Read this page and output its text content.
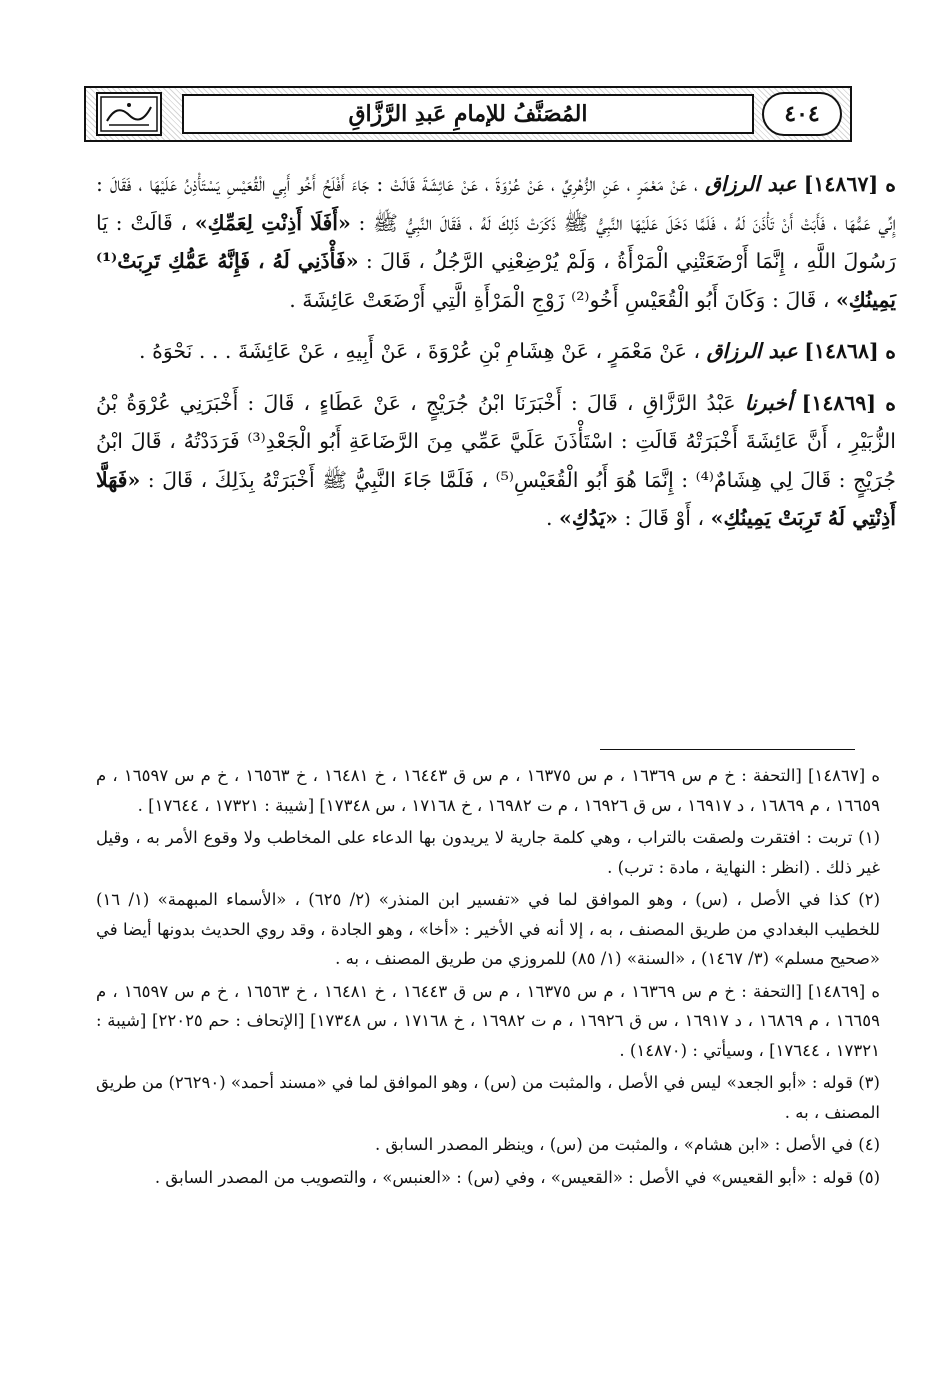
٤٠٤
المُصَنَّفُ للإمامِ عَبدِ الرَّزَّاقِ

ه [١٤٨٦٧] عبد الرزاق ، عَنْ مَعْمَرٍ ، عَنِ الزُّهْرِيِّ ، عَنْ عُرْوَةَ ، عَنْ عَائِشَةَ قَالَتْ : جَاءَ أَفْلَحُ أَخُو أَبِي الْقُعَيْسِ يَسْتَأْذِنُ عَلَيْهَا ، فَقَالَ : إِنِّي عَمُّهَا ، فَأَبَتْ أَنْ تَأْذَنَ لَهُ ، فَلَمَّا دَخَلَ عَلَيْهَا النَّبِيُّ ﷺ ذَكَرَتْ ذَلِكَ لَهُ ، فَقَالَ النَّبِيُّ ﷺ : «أَفَلَا أَذِنْتِ لِعَمِّكِ» ، قَالَتْ : يَا رَسُولَ اللَّهِ ، إِنَّمَا أَرْضَعَتْنِي الْمَرْأَةُ ، وَلَمْ يُرْضِعْنِي الرَّجُلُ ، قَالَ : «فَأْذَنِي لَهُ ، فَإِنَّهُ عَمُّكِ تَرِبَتْ⁽¹⁾ يَمِينُكِ» ، قَالَ : وَكَانَ أَبُو الْقُعَيْسِ أَخُو⁽²⁾ زَوْجِ الْمَرْأَةِ الَّتِي أَرْضَعَتْ عَائِشَةَ .

ه [١٤٨٦٨] عبد الرزاق ، عَنْ مَعْمَرٍ ، عَنْ هِشَامِ بْنِ عُرْوَةَ ، عَنْ أَبِيهِ ، عَنْ عَائِشَةَ . . . نَحْوَهُ .

ه [١٤٨٦٩] أخبرنا عَبْدُ الرَّزَّاقِ ، قَالَ : أَخْبَرَنَا ابْنُ جُرَيْجٍ ، عَنْ عَطَاءٍ ، قَالَ : أَخْبَرَنِي عُرْوَةُ بْنُ الزُّبَيْرِ ، أَنَّ عَائِشَةَ أَخْبَرَتْهُ قَالَتِ : اسْتَأْذَنَ عَلَيَّ عَمِّي مِنَ الرَّضَاعَةِ أَبُو الْجَعْدِ⁽³⁾ فَرَدَدْتُهُ ، قَالَ ابْنُ جُرَيْجٍ : قَالَ لِي هِشَامٌ⁽⁴⁾ : إِنَّمَا هُوَ أَبُو الْقُعَيْسِ⁽⁵⁾ ، فَلَمَّا جَاءَ النَّبِيُّ ﷺ أَخْبَرَتْهُ بِذَلِكَ ، قَالَ : «فَهَلَّا أَذِنْتِي لَهُ تَرِبَتْ يَمِينُكِ» ، أَوْ قَالَ : «يَدُكِ» .

ه [١٤٨٦٧] [التحفة : خ م س ١٦٣٦٩ ، م س ١٦٣٧٥ ، م س ق ١٦٤٤٣ ، خ ١٦٤٨١ ، خ ١٦٥٦٣ ، خ م س ١٦٥٩٧ ، م ١٦٦٥٩ ، م ١٦٨٦٩ ، د ١٦٩١٧ ، س ق ١٦٩٢٦ ، م ت ١٦٩٨٢ ، خ ١٧١٦٨ ، س ١٧٣٤٨] [شيبة : ١٧٣٢١ ، ١٧٦٤٤] .

(١) تربت : افتقرت ولصقت بالتراب ، وهي كلمة جارية لا يريدون بها الدعاء على المخاطب ولا وقوع الأمر به ، وقيل غير ذلك . (انظر : النهاية ، مادة : ترب) .

(٢) كذا في الأصل ، (س) ، وهو الموافق لما في «تفسير ابن المنذر» (٢/ ٦٢٥) ، «الأسماء المبهمة» (١/ ١٦) للخطيب البغدادي من طريق المصنف ، به ، إلا أنه في الأخير : «أخا» ، وهو الجادة ، وقد روي الحديث بدونها أيضا في «صحيح مسلم» (٣/ ١٤٦٧) ، «السنة» (١/ ٨٥) للمروزي من طريق المصنف ، به .

ه [١٤٨٦٩] [التحفة : خ م س ١٦٣٦٩ ، م س ١٦٣٧٥ ، م س ق ١٦٤٤٣ ، خ ١٦٤٨١ ، خ ١٦٥٦٣ ، خ م س ١٦٥٩٧ ، م ١٦٦٥٩ ، م ١٦٨٦٩ ، د ١٦٩١٧ ، س ق ١٦٩٢٦ ، م ت ١٦٩٨٢ ، خ ١٧١٦٨ ، س ١٧٣٤٨] [الإتحاف : حم ٢٢٠٢٥] [شيبة : ١٧٣٢١ ، ١٧٦٤٤] ، وسيأتي : (١٤٨٧٠) .

(٣) قوله : «أبو الجعد» ليس في الأصل ، والمثبت من (س) ، وهو الموافق لما في «مسند أحمد» (٢٦٢٩٠) من طريق المصنف ، به .

(٤) في الأصل : «ابن هشام» ، والمثبت من (س) ، وينظر المصدر السابق .

(٥) قوله : «أبو القعيس» في الأصل : «القعيس» ، وفي (س) : «العنبس» ، والتصويب من المصدر السابق .
